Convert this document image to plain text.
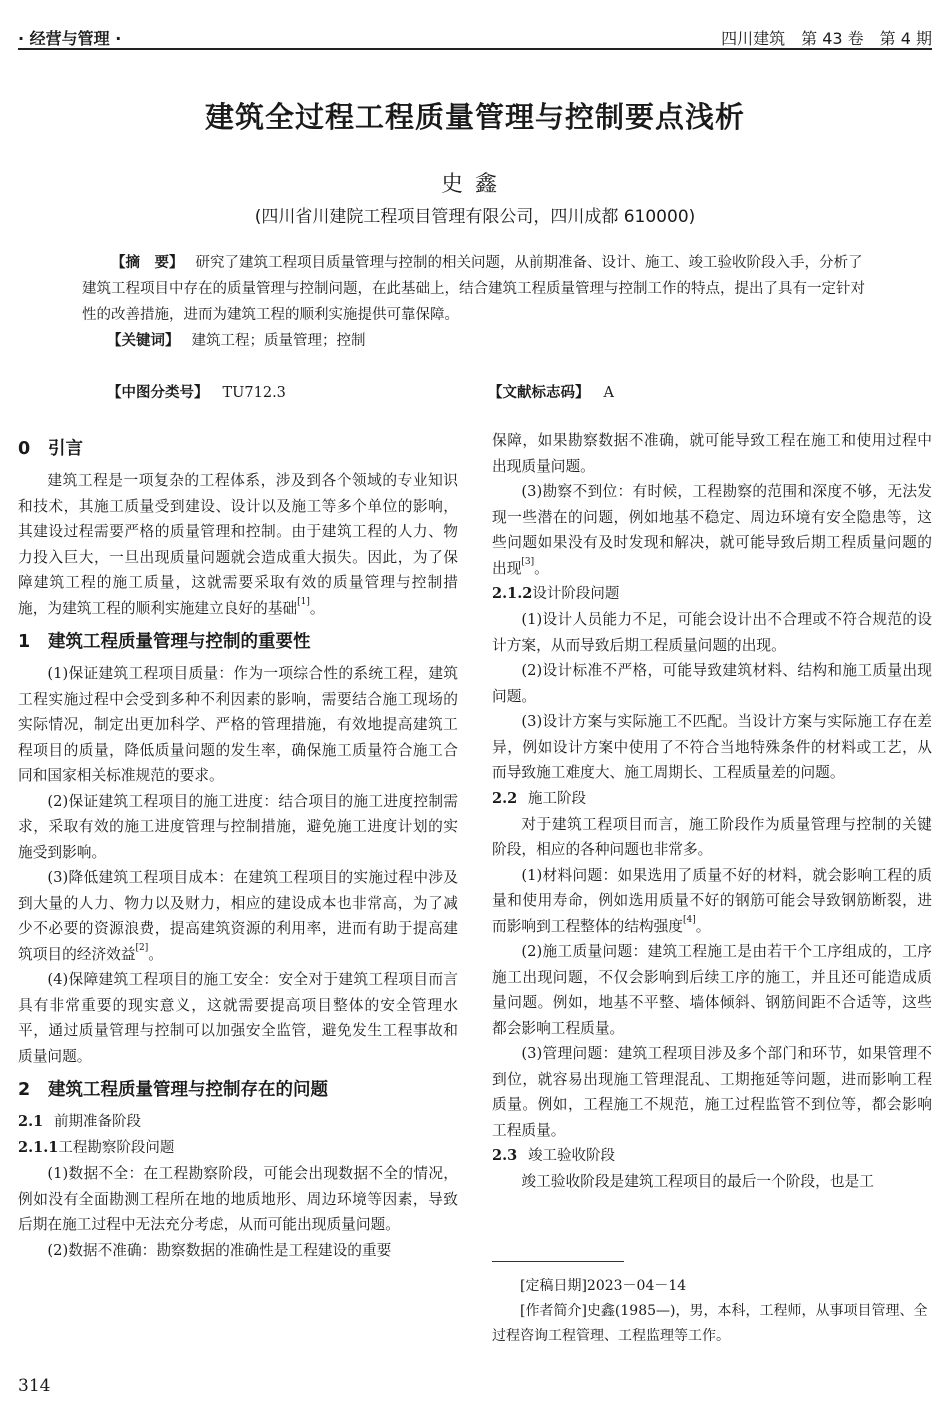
· 经营与管理 ·	四川建筑　第 43 卷　第 4 期
建筑全过程工程质量管理与控制要点浅析
史鑫
(四川省川建院工程项目管理有限公司，四川成都 610000)

【摘　要】 研究了建筑工程项目质量管理与控制的相关问题，从前期准备、设计、施工、竣工验收阶段入手，分析了建筑工程项目中存在的质量管理与控制问题，在此基础上，结合建筑工程质量管理与控制工作的特点，提出了具有一定针对性的改善措施，进而为建筑工程的顺利实施提供可靠保障。

【关键词】 建筑工程；质量管理；控制
【中图分类号】 TU712.3	【文献标志码】 A
0 引言

建筑工程是一项复杂的工程体系，涉及到各个领域的专业知识和技术，其施工质量受到建设、设计以及施工等多个单位的影响，其建设过程需要严格的质量管理和控制。由于建筑工程的人力、物力投入巨大，一旦出现质量问题就会造成重大损失。因此，为了保障建筑工程的施工质量，这就需要采取有效的质量管理与控制措施，为建筑工程的顺利实施建立良好的基础[1]。

1 建筑工程质量管理与控制的重要性

(1)保证建筑工程项目质量：作为一项综合性的系统工程，建筑工程实施过程中会受到多种不利因素的影响，需要结合施工现场的实际情况，制定出更加科学、严格的管理措施，有效地提高建筑工程项目的质量，降低质量问题的发生率，确保施工质量符合施工合同和国家相关标准规范的要求。

(2)保证建筑工程项目的施工进度：结合项目的施工进度控制需求，采取有效的施工进度管理与控制措施，避免施工进度计划的实施受到影响。

(3)降低建筑工程项目成本：在建筑工程项目的实施过程中涉及到大量的人力、物力以及财力，相应的建设成本也非常高，为了减少不必要的资源浪费，提高建筑资源的利用率，进而有助于提高建筑项目的经济效益[2]。

(4)保障建筑工程项目的施工安全：安全对于建筑工程项目而言具有非常重要的现实意义，这就需要提高项目整体的安全管理水平，通过质量管理与控制可以加强安全监管，避免发生工程事故和质量问题。

2 建筑工程质量管理与控制存在的问题
2.1 前期准备阶段
2.1.1工程勘察阶段问题

(1)数据不全：在工程勘察阶段，可能会出现数据不全的情况，例如没有全面勘测工程所在地的地质地形、周边环境等因素，导致后期在施工过程中无法充分考虑，从而可能出现质量问题。

(2)数据不准确：勘察数据的准确性是工程建设的重要

保障，如果勘察数据不准确，就可能导致工程在施工和使用过程中出现质量问题。

(3)勘察不到位：有时候，工程勘察的范围和深度不够，无法发现一些潜在的问题，例如地基不稳定、周边环境有安全隐患等，这些问题如果没有及时发现和解决，就可能导致后期工程质量问题的出现[3]。

2.1.2设计阶段问题

(1)设计人员能力不足，可能会设计出不合理或不符合规范的设计方案，从而导致后期工程质量问题的出现。

(2)设计标准不严格，可能导致建筑材料、结构和施工质量出现问题。

(3)设计方案与实际施工不匹配。当设计方案与实际施工存在差异，例如设计方案中使用了不符合当地特殊条件的材料或工艺，从而导致施工难度大、施工周期长、工程质量差的问题。

2.2 施工阶段

对于建筑工程项目而言，施工阶段作为质量管理与控制的关键阶段，相应的各种问题也非常多。

(1)材料问题：如果选用了质量不好的材料，就会影响工程的质量和使用寿命，例如选用质量不好的钢筋可能会导致钢筋断裂，进而影响到工程整体的结构强度[4]。

(2)施工质量问题：建筑工程施工是由若干个工序组成的，工序施工出现问题，不仅会影响到后续工序的施工，并且还可能造成质量问题。例如，地基不平整、墙体倾斜、钢筋间距不合适等，这些都会影响工程质量。

(3)管理问题：建筑工程项目涉及多个部门和环节，如果管理不到位，就容易出现施工管理混乱、工期拖延等问题，进而影响工程质量。例如，工程施工不规范，施工过程监管不到位等，都会影响工程质量。

2.3 竣工验收阶段

竣工验收阶段是建筑工程项目的最后一个阶段，也是工

[定稿日期]2023－04－14

[作者简介]史鑫(1985—)，男，本科，工程师，从事项目管理、全过程咨询工程管理、工程监理等工作。

314
